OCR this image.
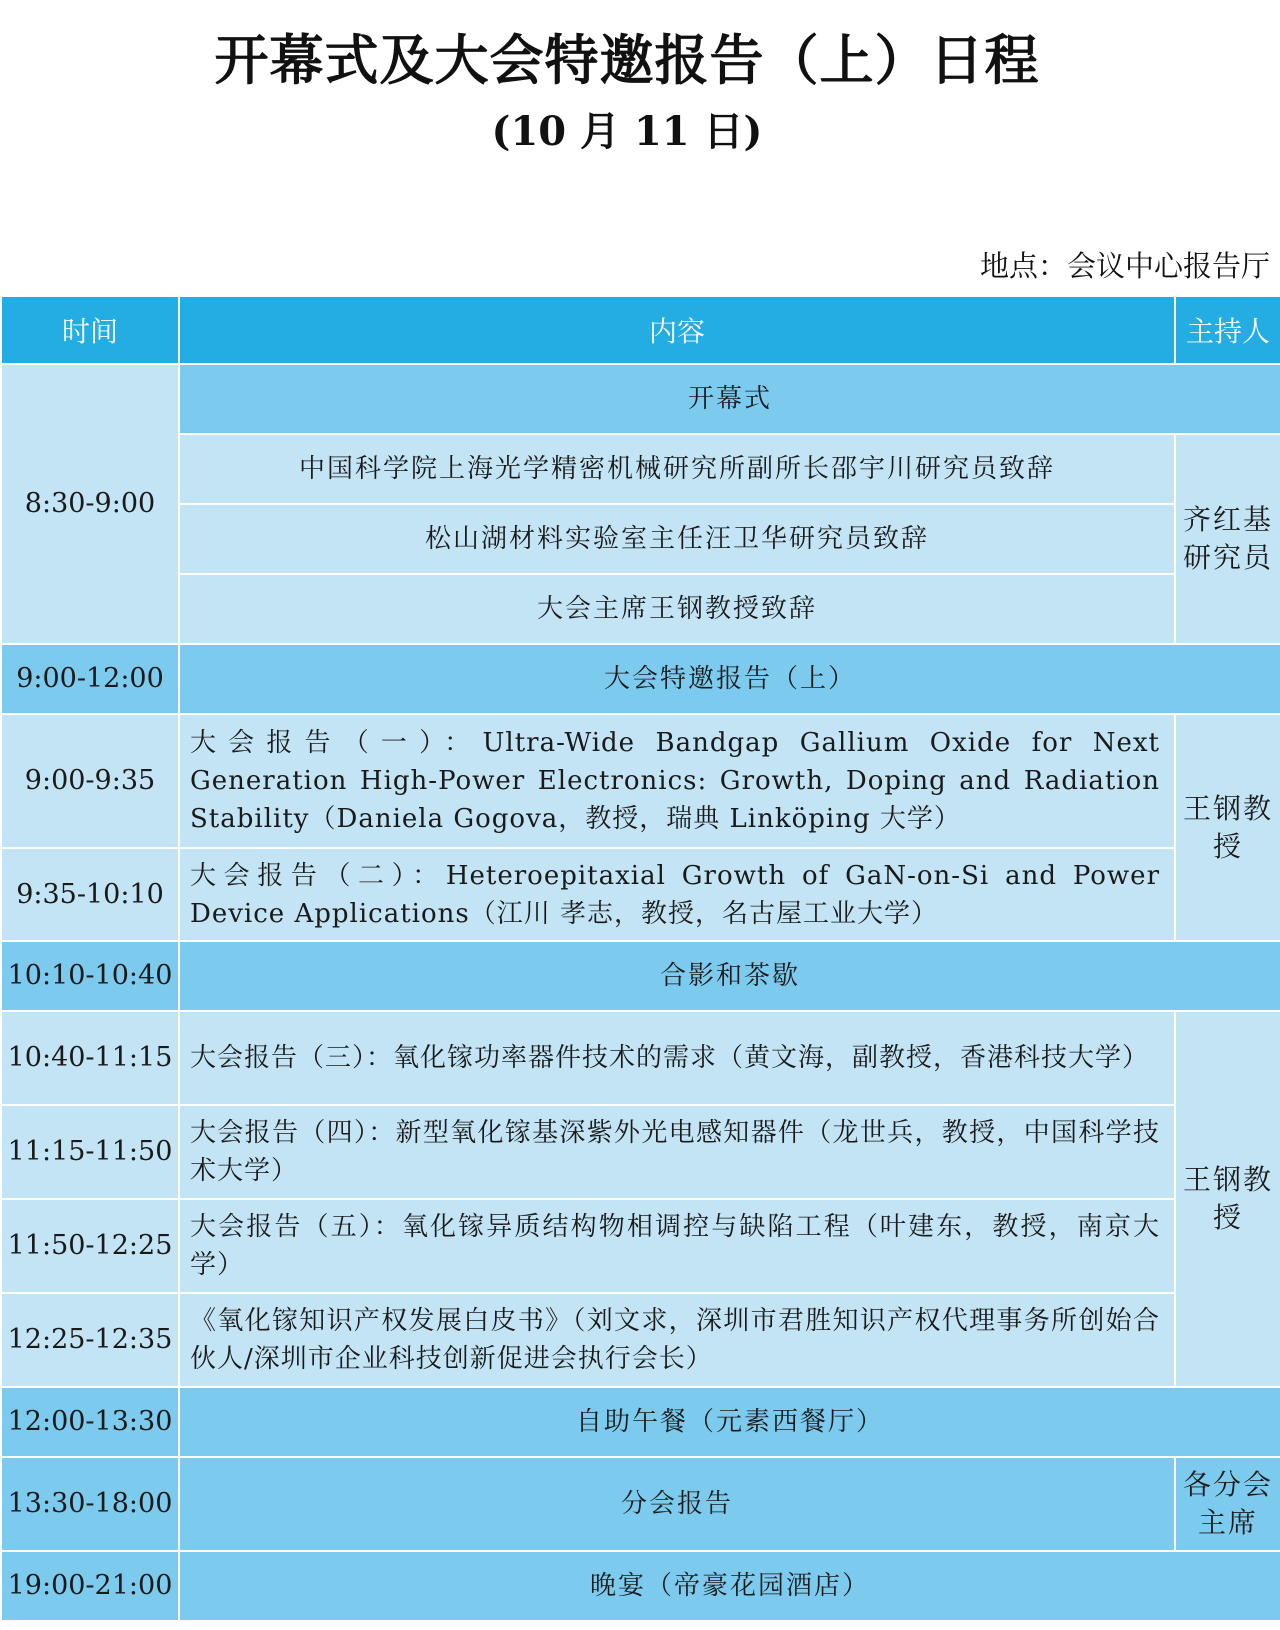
开幕式及大会特邀报告（上）日程
(10 月 11 日)
地点：会议中心报告厅
时间	内容	主持人
8:30-9:00	开幕式	
	中国科学院上海光学精密机械研究所副所长邵宇川研究员致辞	齐红基研究员
	松山湖材料实验室主任汪卫华研究员致辞	
	大会主席王钢教授致辞	
9:00-12:00	大会特邀报告（上）	
9:00-9:35	大会报告（一）：Ultra-Wide Bandgap Gallium Oxide for Next Generation High-Power Electronics: Growth, Doping and Radiation Stability（Daniela Gogova，教授，瑞典 Linköping 大学）	王钢教授
9:35-10:10	大会报告（二）：Heteroepitaxial Growth of GaN-on-Si and Power Device Applications（江川 孝志，教授，名古屋工业大学）	
10:10-10:40	合影和茶歇	
10:40-11:15	大会报告（三）：氧化镓功率器件技术的需求（黄文海，副教授，香港科技大学）	王钢教授
11:15-11:50	大会报告（四）：新型氧化镓基深紫外光电感知器件（龙世兵，教授，中国科学技术大学）	
11:50-12:25	大会报告（五）：氧化镓异质结构物相调控与缺陷工程（叶建东，教授，南京大学）	
12:25-12:35	《氧化镓知识产权发展白皮书》（刘文求，深圳市君胜知识产权代理事务所创始合伙人/深圳市企业科技创新促进会执行会长）	
12:00-13:30	自助午餐（元素西餐厅）	
13:30-18:00	分会报告	各分会主席
19:00-21:00	晚宴（帝豪花园酒店）	
